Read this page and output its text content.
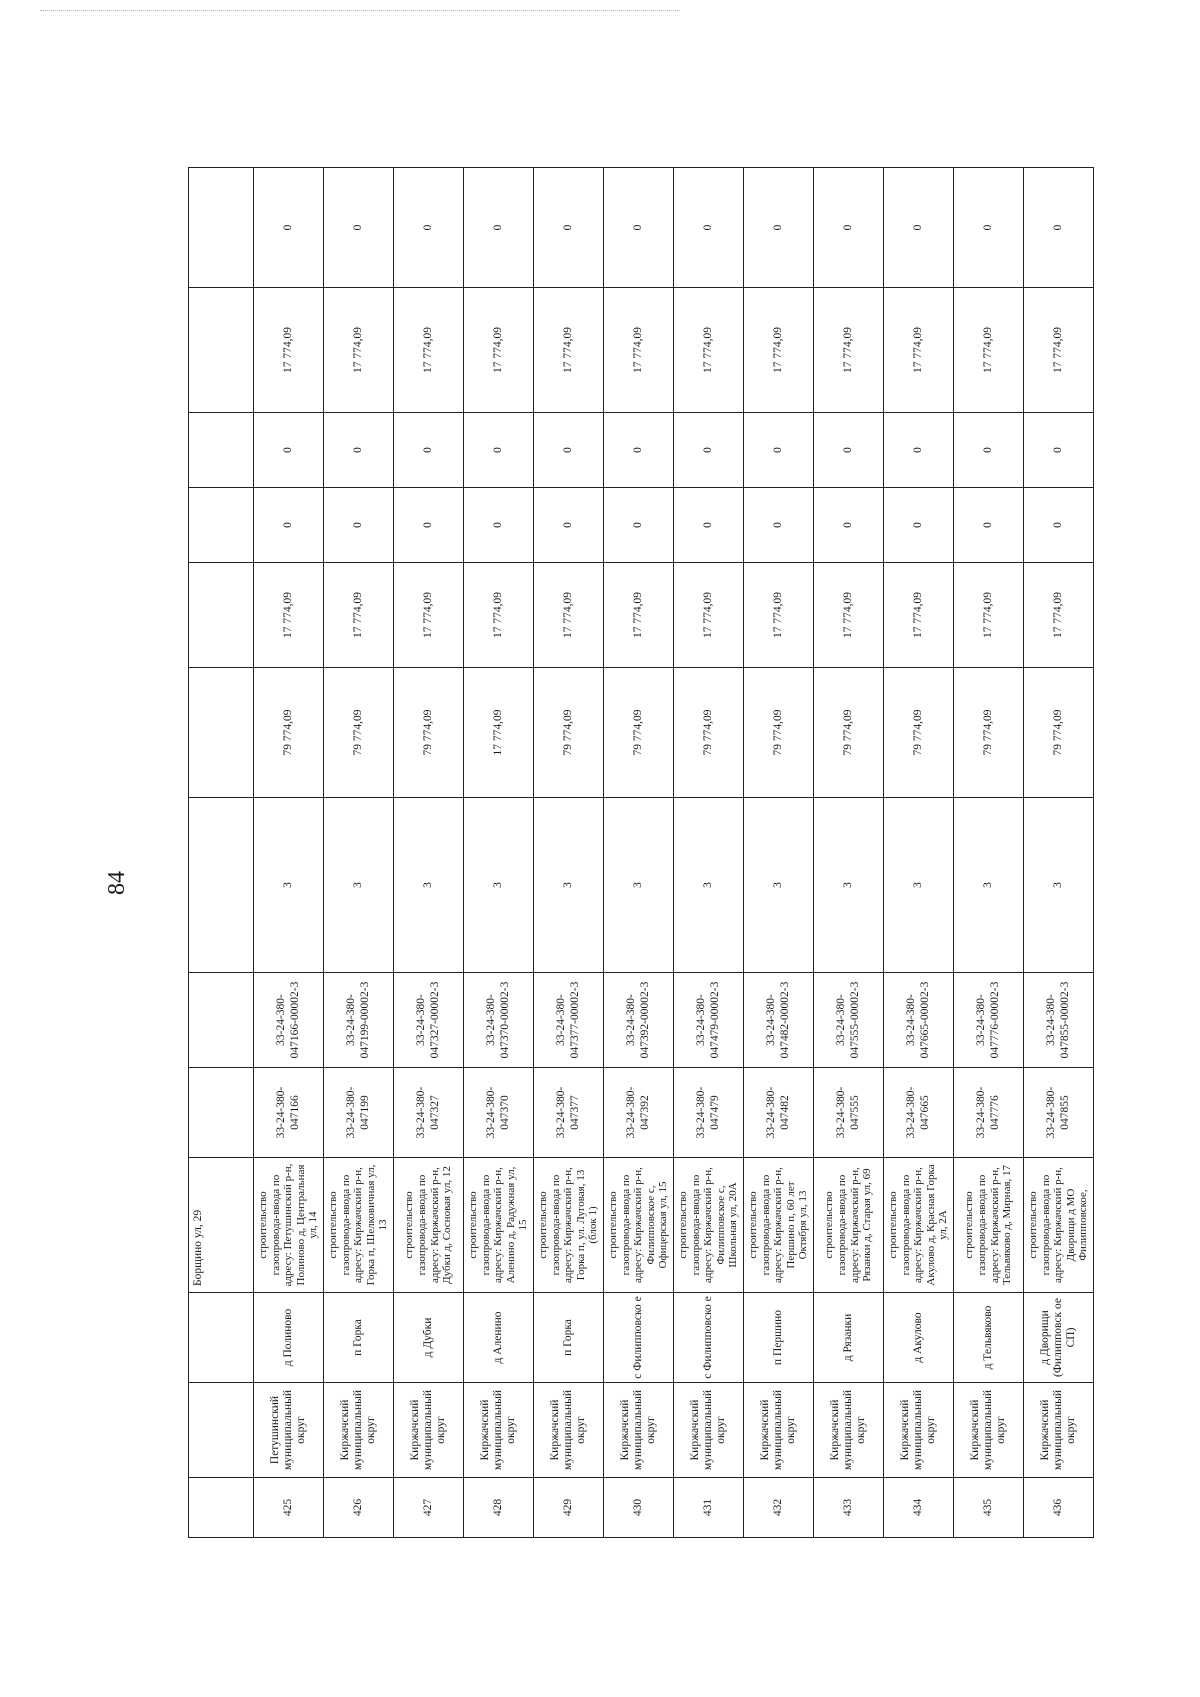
84
			Борщино ул, 29									
425	Петушинский муниципальный округ	д Полиново	строительство газопровода-ввода по адресу: Петушинский р-н, Полиново д, Центральная ул, 14	33-24-380-047166	33-24-380-047166-00002-3	3	79 774,09	17 774,09	0	0	17 774,09	0
426	Киржачский муниципальный округ	п Горка	строительство газопровода-ввода по адресу: Киржачский р-н, Горка п, Шелковичная ул, 13	33-24-380-047199	33-24-380-047199-00002-3	3	79 774,09	17 774,09	0	0	17 774,09	0
427	Киржачский муниципальный округ	д Дубки	строительство газопровода-ввода по адресу: Киржачский р-н, Дубки д, Сосновая ул, 12	33-24-380-047327	33-24-380-047327-00002-3	3	79 774,09	17 774,09	0	0	17 774,09	0
428	Киржачский муниципальный округ	д Аленино	строительство газопровода-ввода по адресу: Киржачский р-н, Аленино д, Радужная ул, 15	33-24-380-047370	33-24-380-047370-00002-3	3	17 774,09	17 774,09	0	0	17 774,09	0
429	Киржачский муниципальный округ	п Горка	строительство газопровода-ввода по адресу: Киржачский р-н, Горка п, ул. Луговая, 13 (блок 1)	33-24-380-047377	33-24-380-047377-00002-3	3	79 774,09	17 774,09	0	0	17 774,09	0
430	Киржачский муниципальный округ	с Филипповско е	строительство газопровода-ввода по адресу: Киржачский р-н, Филипповское с, Офицерская ул, 15	33-24-380-047392	33-24-380-047392-00002-3	3	79 774,09	17 774,09	0	0	17 774,09	0
431	Киржачский муниципальный округ	с Филипповско е	строительство газопровода-ввода по адресу: Киржачский р-н, Филипповское с, Школьная ул, 20А	33-24-380-047479	33-24-380-047479-00002-3	3	79 774,09	17 774,09	0	0	17 774,09	0
432	Киржачский муниципальный округ	п Першино	строительство газопровода-ввода по адресу: Киржачский р-н, Першино п, 60 лет Октября ул, 13	33-24-380-047482	33-24-380-047482-00002-3	3	79 774,09	17 774,09	0	0	17 774,09	0
433	Киржачский муниципальный округ	д Рязанки	строительство газопровода-ввода по адресу: Киржачский р-н, Рязанки д, Старая ул, 69	33-24-380-047555	33-24-380-047555-00002-3	3	79 774,09	17 774,09	0	0	17 774,09	0
434	Киржачский муниципальный округ	д Акулово	строительство газопровода-ввода по адресу: Киржачский р-н, Акулово д, Красная Горка ул, 2А	33-24-380-047665	33-24-380-047665-00002-3	3	79 774,09	17 774,09	0	0	17 774,09	0
435	Киржачский муниципальный округ	д Тельвяково	строительство газопровода-ввода по адресу: Киржачский р-н, Тельвяково д, Мирная, 17	33-24-380-047776	33-24-380-047776-00002-3	3	79 774,09	17 774,09	0	0	17 774,09	0
436	Киржачский муниципальный округ	д Дворищи (Филипповск ое СП)	строительство газопровода-ввода по адресу: Киржачский р-н, Дворищи д МО Филипповское,	33-24-380-047855	33-24-380-047855-00002-3	3	79 774,09	17 774,09	0	0	17 774,09	0
